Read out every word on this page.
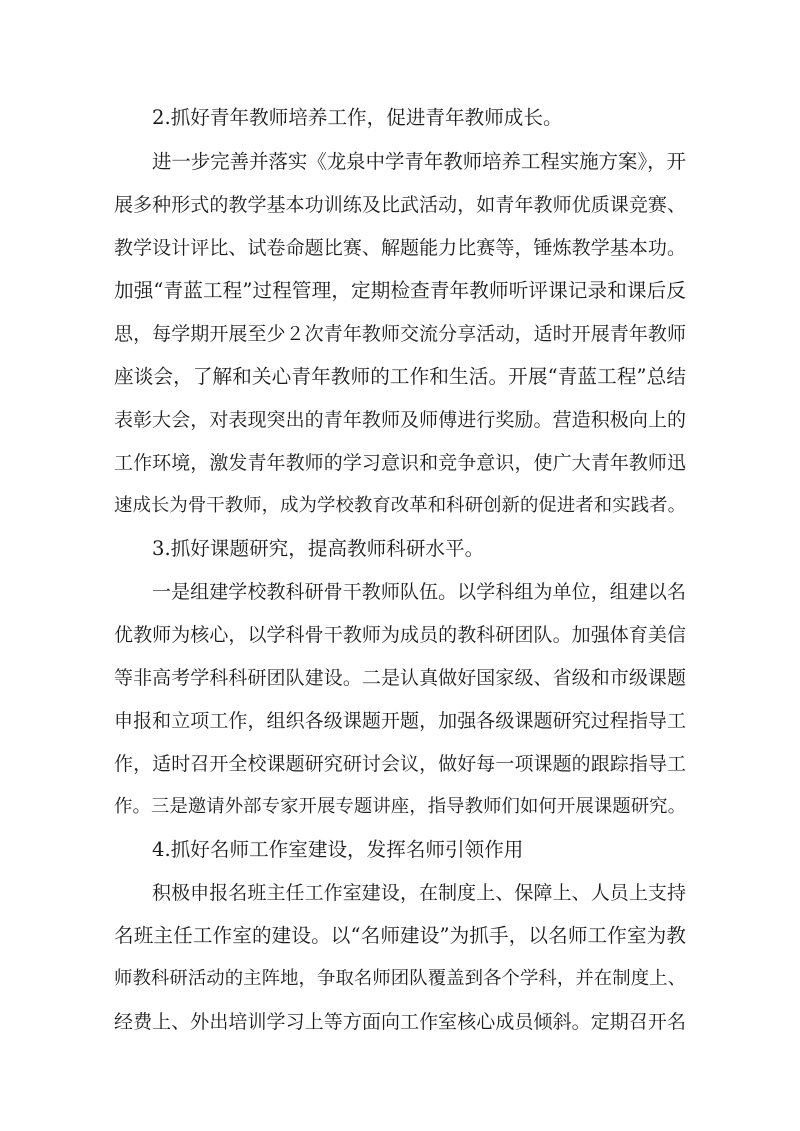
2.抓好青年教师培养工作，促进青年教师成长。
进一步完善并落实《龙泉中学青年教师培养工程实施方案》，开
展多种形式的教学基本功训练及比武活动，如青年教师优质课竞赛、
教学设计评比、试卷命题比赛、解题能力比赛等，锤炼教学基本功。
加强“青蓝工程”过程管理，定期检查青年教师听评课记录和课后反
思，每学期开展至少２次青年教师交流分享活动，适时开展青年教师
座谈会，了解和关心青年教师的工作和生活。开展“青蓝工程”总结
表彰大会，对表现突出的青年教师及师傅进行奖励。营造积极向上的
工作环境，激发青年教师的学习意识和竞争意识，使广大青年教师迅
速成长为骨干教师，成为学校教育改革和科研创新的促进者和实践者。
3.抓好课题研究，提高教师科研水平。
一是组建学校教科研骨干教师队伍。以学科组为单位，组建以名
优教师为核心，以学科骨干教师为成员的教科研团队。加强体育美信
等非高考学科科研团队建设。二是认真做好国家级、省级和市级课题
申报和立项工作，组织各级课题开题，加强各级课题研究过程指导工
作，适时召开全校课题研究研讨会议，做好每一项课题的跟踪指导工
作。三是邀请外部专家开展专题讲座，指导教师们如何开展课题研究。
4.抓好名师工作室建设，发挥名师引领作用
积极申报名班主任工作室建设，在制度上、保障上、人员上支持
名班主任工作室的建设。以“名师建设”为抓手，以名师工作室为教
师教科研活动的主阵地，争取名师团队覆盖到各个学科，并在制度上、
经费上、外出培训学习上等方面向工作室核心成员倾斜。定期召开名
